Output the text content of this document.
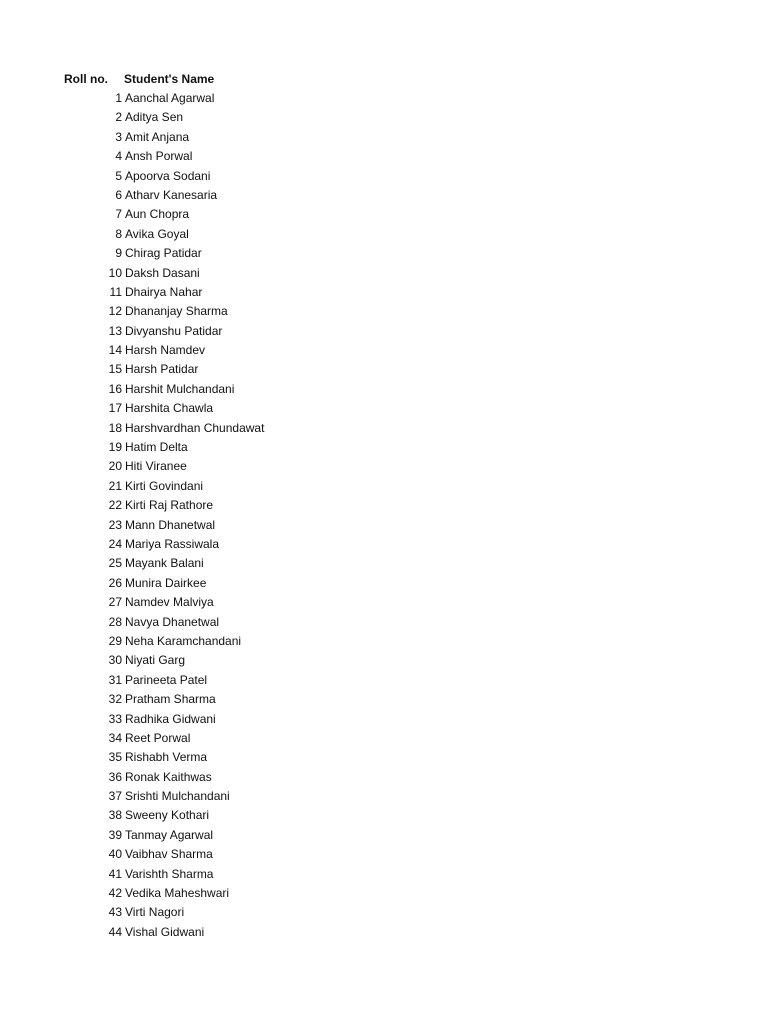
Roll no. Student's Name
1 Aanchal Agarwal
2 Aditya Sen
3 Amit Anjana
4 Ansh Porwal
5 Apoorva Sodani
6 Atharv Kanesaria
7 Aun Chopra
8 Avika Goyal
9 Chirag Patidar
10 Daksh Dasani
11 Dhairya Nahar
12 Dhananjay Sharma
13 Divyanshu Patidar
14 Harsh Namdev
15 Harsh Patidar
16 Harshit Mulchandani
17 Harshita Chawla
18 Harshvardhan Chundawat
19 Hatim Delta
20 Hiti Viranee
21 Kirti Govindani
22 Kirti Raj Rathore
23 Mann Dhanetwal
24 Mariya Rassiwala
25 Mayank Balani
26 Munira Dairkee
27 Namdev Malviya
28 Navya Dhanetwal
29 Neha Karamchandani
30 Niyati Garg
31 Parineeta Patel
32 Pratham Sharma
33 Radhika Gidwani
34 Reet Porwal
35 Rishabh Verma
36 Ronak Kaithwas
37 Srishti Mulchandani
38 Sweeny Kothari
39 Tanmay Agarwal
40 Vaibhav Sharma
41 Varishth Sharma
42 Vedika Maheshwari
43 Virti Nagori
44 Vishal Gidwani
